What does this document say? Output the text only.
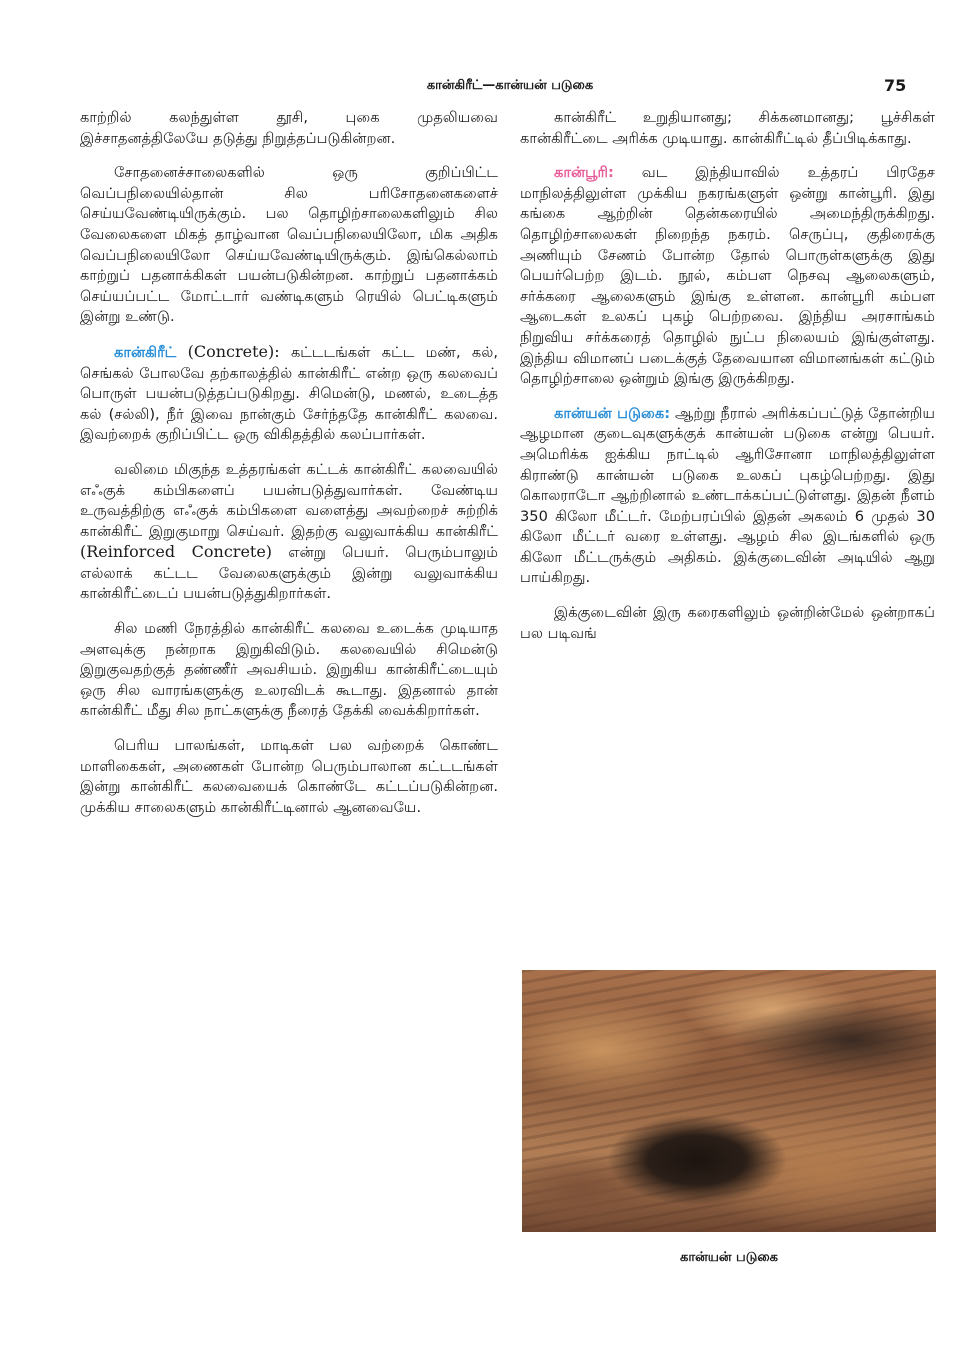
கான்கிரீட்—கான்யன் படுகை	75

காற்றில் கலந்துள்ள தூசி, புகை முதலியவை இச்சாதனத்திலேயே தடுத்து நிறுத்தப்படுகின்றன.

சோதனைச்சாலைகளில் ஒரு குறிப்பிட்ட வெப்பநிலையில்தான் சில பரிசோதனைகளைச் செய்யவேண்டியிருக்கும். பல தொழிற்சாலைகளிலும் சில வேலைகளை மிகத் தாழ்வான வெப்பநிலையிலோ, மிக அதிக வெப்பநிலையிலோ செய்யவேண்டியிருக்கும். இங்கெல்லாம் காற்றுப் பதனாக்கிகள் பயன்படுகின்றன. காற்றுப் பதனாக்கம் செய்யப்பட்ட மோட்டார் வண்டிகளும் ரெயில் பெட்டிகளும் இன்று உண்டு.

கான்கிரீட் (Concrete): கட்டடங்கள் கட்ட மண், கல், செங்கல் போலவே தற்காலத்தில் கான்கிரீட் என்ற ஒரு கலவைப் பொருள் பயன்படுத்தப்படுகிறது. சிமென்டு, மணல், உடைத்த கல் (சல்லி), நீர் இவை நான்கும் சேர்ந்ததே கான்கிரீட் கலவை. இவற்றைக் குறிப்பிட்ட ஒரு விகிதத்தில் கலப்பார்கள்.

வலிமை மிகுந்த உத்தரங்கள் கட்டக் கான்கிரீட் கலவையில் எஃகுக் கம்பிகளைப் பயன்படுத்துவார்கள். வேண்டிய உருவத்திற்கு எஃகுக் கம்பிகளை வளைத்து அவற்றைச் சுற்றிக் கான்கிரீட் இறுகுமாறு செய்வர். இதற்கு வலுவாக்கிய கான்கிரீட் (Reinforced Concrete) என்று பெயர். பெரும்பாலும் எல்லாக் கட்டட வேலைகளுக்கும் இன்று வலுவாக்கிய கான்கிரீட்டைப் பயன்படுத்துகிறார்கள்.

சில மணி நேரத்தில் கான்கிரீட் கலவை உடைக்க முடியாத அளவுக்கு நன்றாக இறுகிவிடும். கலவையில் சிமென்டு இறுகுவதற்குத் தண்ணீர் அவசியம். இறுகிய கான்கிரீட்டையும் ஒரு சில வாரங்களுக்கு உலரவிடக் கூடாது. இதனால் தான் கான்கிரீட் மீது சில நாட்களுக்கு நீரைத் தேக்கி வைக்கிறார்கள்.

பெரிய பாலங்கள், மாடிகள் பல வற்றைக் கொண்ட மாளிகைகள், அணைகள் போன்ற பெரும்பாலான கட்டடங்கள் இன்று கான்கிரீட் கலவையைக் கொண்டே கட்டப்படுகின்றன. முக்கிய சாலைகளும் கான்கிரீட்டினால் ஆனவையே.

கான்கிரீட் உறுதியானது; சிக்கனமானது; பூச்சிகள் கான்கிரீட்டை அரிக்க முடியாது. கான்கிரீட்டில் தீப்பிடிக்காது.

கான்பூரி: வட இந்தியாவில் உத்தரப் பிரதேச மாநிலத்திலுள்ள முக்கிய நகரங்களுள் ஒன்று கான்பூரி. இது கங்கை ஆற்றின் தென்கரையில் அமைந்திருக்கிறது. தொழிற்சாலைகள் நிறைந்த நகரம். செருப்பு, குதிரைக்கு அணியும் சேணம் போன்ற தோல் பொருள்களுக்கு இது பெயர்பெற்ற இடம். நூல், கம்பள நெசவு ஆலைகளும், சர்க்கரை ஆலைகளும் இங்கு உள்ளன. கான்பூரி கம்பள ஆடைகள் உலகப் புகழ் பெற்றவை. இந்திய அரசாங்கம் நிறுவிய சர்க்கரைத் தொழில் நுட்ப நிலையம் இங்குள்ளது. இந்திய விமானப் படைக்குத் தேவையான விமானங்கள் கட்டும் தொழிற்சாலை ஒன்றும் இங்கு இருக்கிறது.

கான்யன் படுகை: ஆற்று நீரால் அரிக்கப்பட்டுத் தோன்றிய ஆழமான குடைவுகளுக்குக் கான்யன் படுகை என்று பெயர். அமெரிக்க ஐக்கிய நாட்டில் ஆரிசோனா மாநிலத்திலுள்ள கிராண்டு கான்யன் படுகை உலகப் புகழ்பெற்றது. இது கொலராடோ ஆற்றினால் உண்டாக்கப்பட்டுள்ளது. இதன் நீளம் 350 கிலோ மீட்டர். மேற்பரப்பில் இதன் அகலம் 6 முதல் 30 கிலோ மீட்டர் வரை உள்ளது. ஆழம் சில இடங்களில் ஒரு கிலோ மீட்டருக்கும் அதிகம். இக்குடைவின் அடியில் ஆறு பாய்கிறது.

இக்குடைவின் இரு கரைகளிலும் ஒன்றின்மேல் ஒன்றாகப் பல படிவங்

கான்யன் படுகை
